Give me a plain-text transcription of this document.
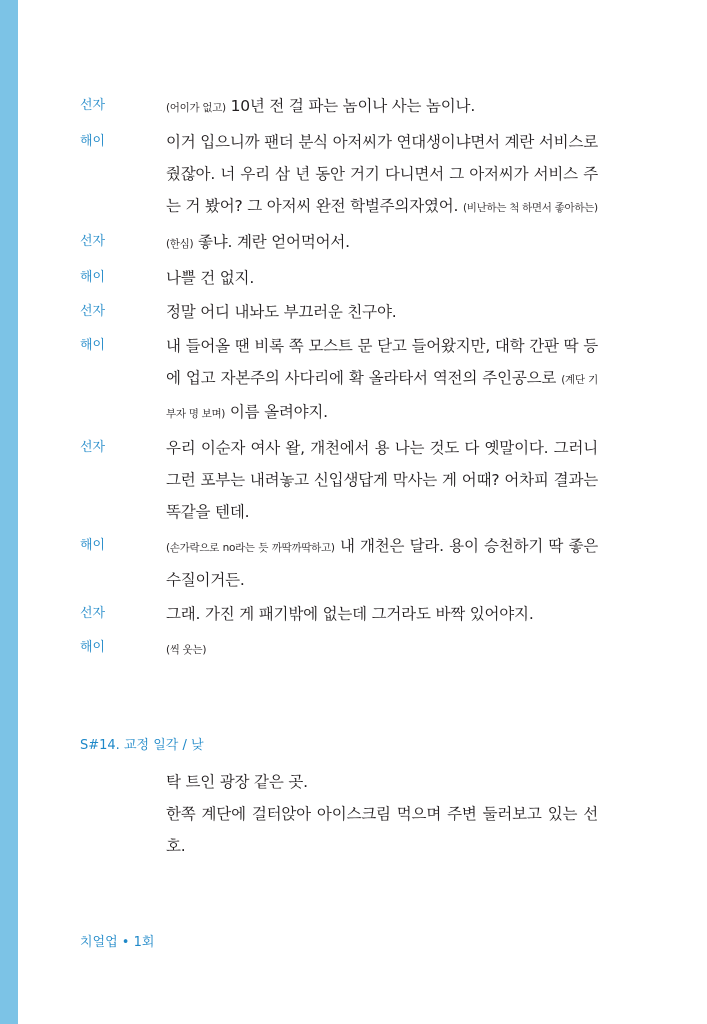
선자	(어이가 없고) 10년 전 걸 파는 놈이나 사는 놈이나.
해이	이거 입으니까 팬더 분식 아저씨가 연대생이냐면서 계란 서비스로 줬잖아. 너 우리 삼 년 동안 거기 다니면서 그 아저씨가 서비스 주는 거 봤어? 그 아저씨 완전 학벌주의자였어. (비난하는 척 하면서 좋아하는)
선자	(한심) 좋냐. 계란 얻어먹어서.
해이	나쁠 건 없지.
선자	정말 어디 내놔도 부끄러운 친구야.
해이	내 들어올 땐 비록 쪽 모스트 문 닫고 들어왔지만, 대학 간판 딱 등에 업고 자본주의 사다리에 확 올라타서 역전의 주인공으로 (계단 기부자 명 보며) 이름 올려야지.
선자	우리 이순자 여사 왈, 개천에서 용 나는 것도 다 옛말이다. 그러니 그런 포부는 내려놓고 신입생답게 막사는 게 어때? 어차피 결과는 똑같을 텐데.
해이	(손가락으로 no라는 듯 까딱까딱하고) 내 개천은 달라. 용이 승천하기 딱 좋은 수질이거든.
선자	그래. 가진 게 패기밖에 없는데 그거라도 바짝 있어야지.
해이	(씩 웃는)
S#14. 교정 일각 / 낮

탁 트인 광장 같은 곳.

한쪽 계단에 걸터앉아 아이스크림 먹으며 주변 둘러보고 있는 선호.

치얼업 • 1회
